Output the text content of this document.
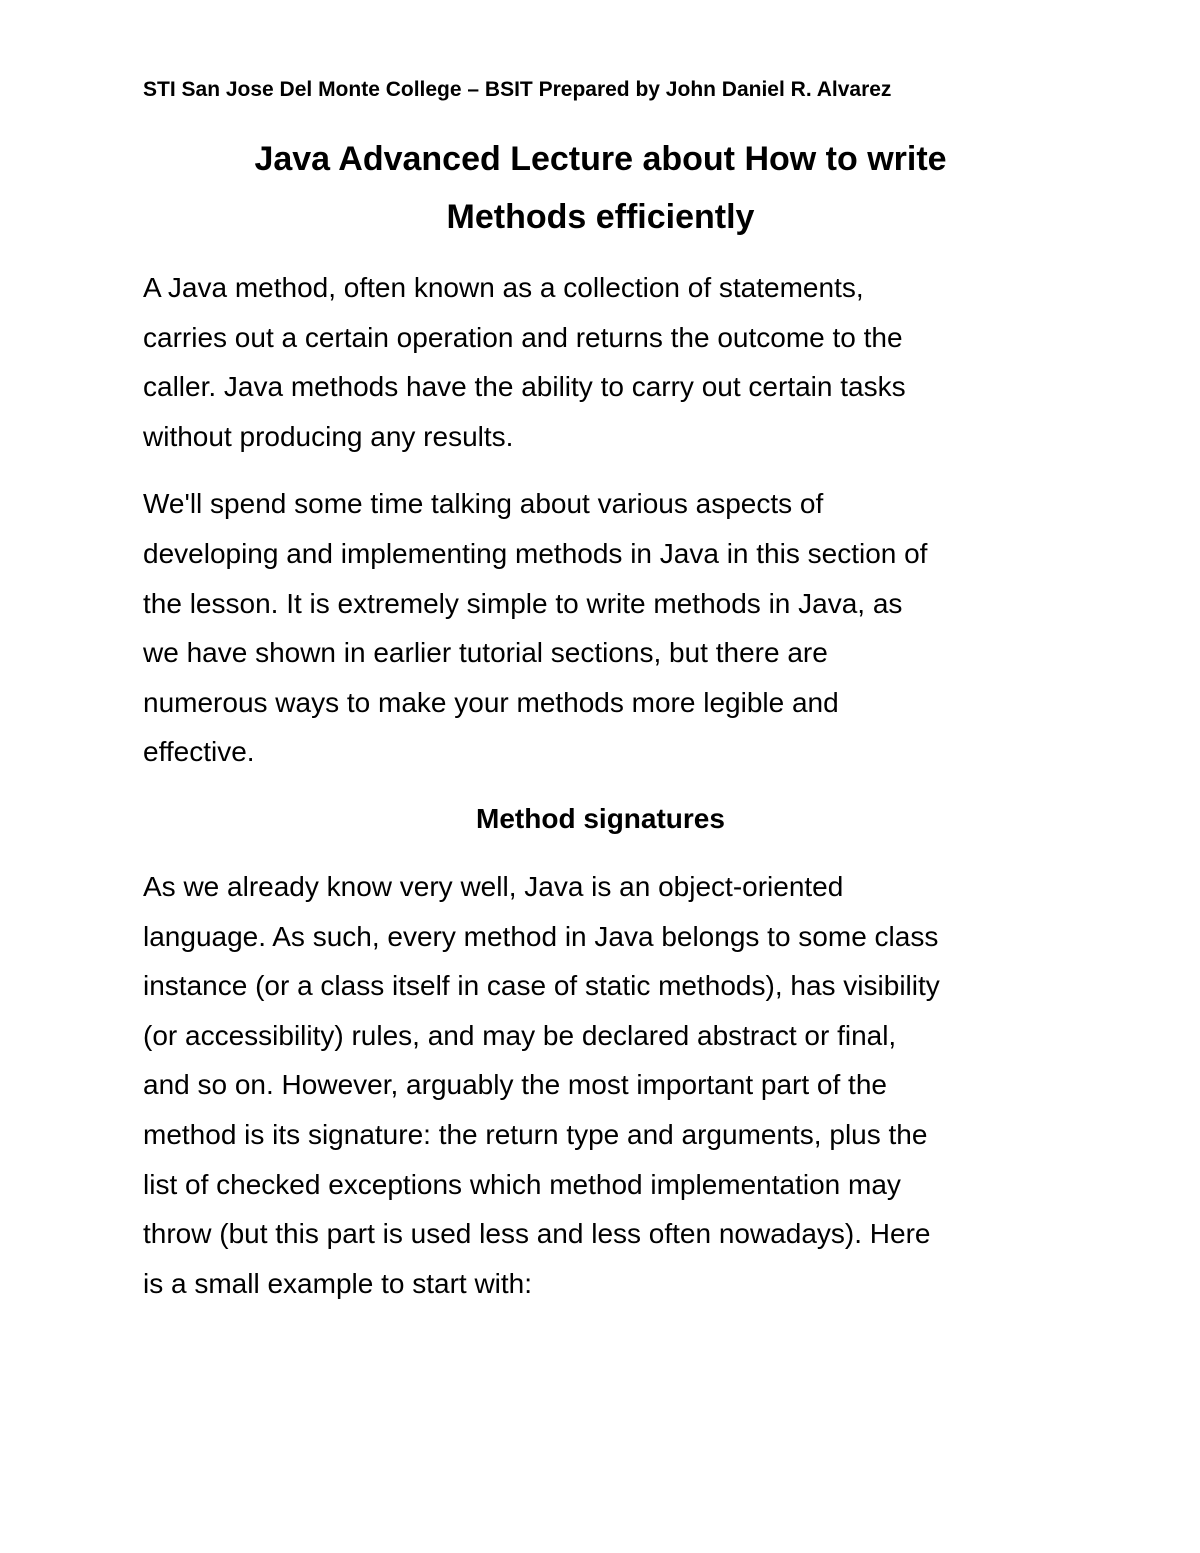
STI San Jose Del Monte College – BSIT Prepared by John Daniel R. Alvarez

Java Advanced Lecture about How to write
Methods efficiently

A Java method, often known as a collection of statements,
carries out a certain operation and returns the outcome to the
caller. Java methods have the ability to carry out certain tasks
without producing any results.

We'll spend some time talking about various aspects of
developing and implementing methods in Java in this section of
the lesson. It is extremely simple to write methods in Java, as
we have shown in earlier tutorial sections, but there are
numerous ways to make your methods more legible and
effective.

Method signatures

As we already know very well, Java is an object-oriented
language. As such, every method in Java belongs to some class
instance (or a class itself in case of static methods), has visibility
(or accessibility) rules, and may be declared abstract or final,
and so on. However, arguably the most important part of the
method is its signature: the return type and arguments, plus the
list of checked exceptions which method implementation may
throw (but this part is used less and less often nowadays). Here
is a small example to start with:
